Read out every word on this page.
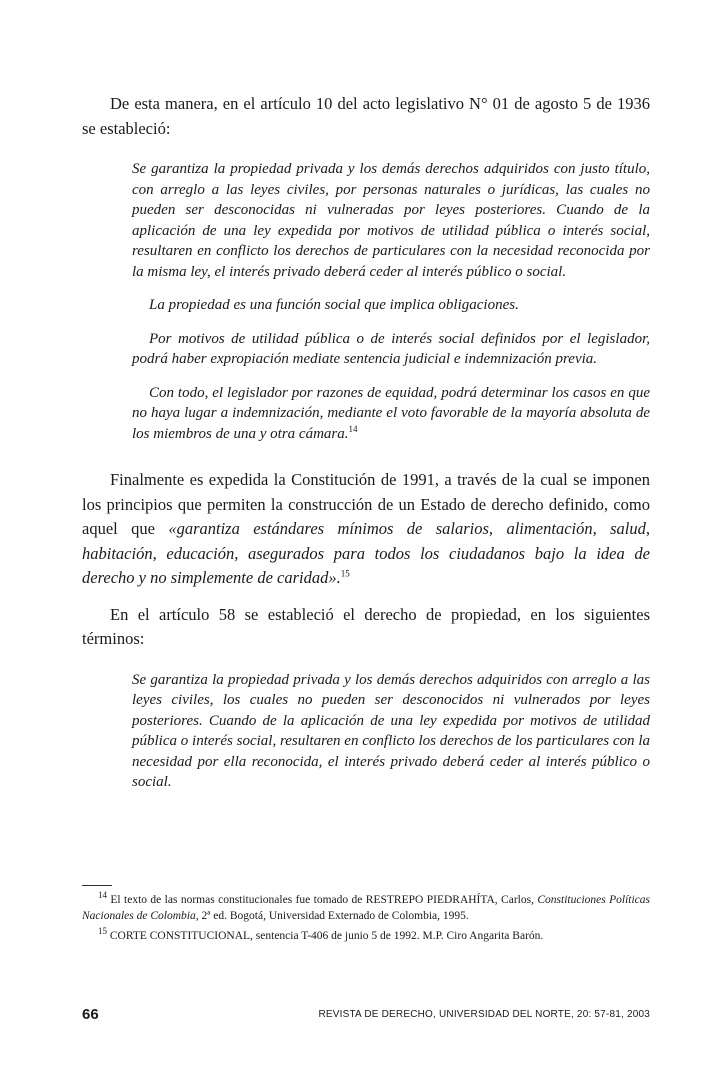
De esta manera, en el artículo 10 del acto legislativo N° 01 de agosto 5 de 1936 se estableció:

Se garantiza la propiedad privada y los demás derechos adquiridos con justo título, con arreglo a las leyes civiles, por personas naturales o jurídicas, las cuales no pueden ser desconocidas ni vulneradas por leyes posteriores. Cuando de la aplicación de una ley expedida por motivos de utilidad pública o interés social, resultaren en conflicto los derechos de particulares con la necesidad reconocida por la misma ley, el interés privado deberá ceder al interés público o social.

La propiedad es una función social que implica obligaciones.

Por motivos de utilidad pública o de interés social definidos por el legislador, podrá haber expropiación mediate sentencia judicial e indemnización previa.

Con todo, el legislador por razones de equidad, podrá determinar los casos en que no haya lugar a indemnización, mediante el voto favorable de la mayoría absoluta de los miembros de una y otra cámara.$^{14}$

Finalmente es expedida la Constitución de 1991, a través de la cual se imponen los principios que permiten la construcción de un Estado de derecho definido, como aquel que «garantiza estándares mínimos de salarios, alimentación, salud, habitación, educación, asegurados para todos los ciudadanos bajo la idea de derecho y no simplemente de caridad».$^{15}$

En el artículo 58 se estableció el derecho de propiedad, en los siguientes términos:

Se garantiza la propiedad privada y los demás derechos adquiridos con arreglo a las leyes civiles, los cuales no pueden ser desconocidos ni vulnerados por leyes posteriores. Cuando de la aplicación de una ley expedida por motivos de utilidad pública o interés social, resultaren en conflicto los derechos de los particulares con la necesidad por ella reconocida, el interés privado deberá ceder al interés público o social.

$^{14}$ El texto de las normas constitucionales fue tomado de RESTREPO PIEDRAHÍTA, Carlos, Constituciones Políticas Nacionales de Colombia, 2ª ed. Bogotá, Universidad Externado de Colombia, 1995.

$^{15}$ CORTE CONSTITUCIONAL, sentencia T-406 de junio 5 de 1992. M.P. Ciro Angarita Barón.

66	REVISTA DE DERECHO, UNIVERSIDAD DEL NORTE, 20: 57-81, 2003
